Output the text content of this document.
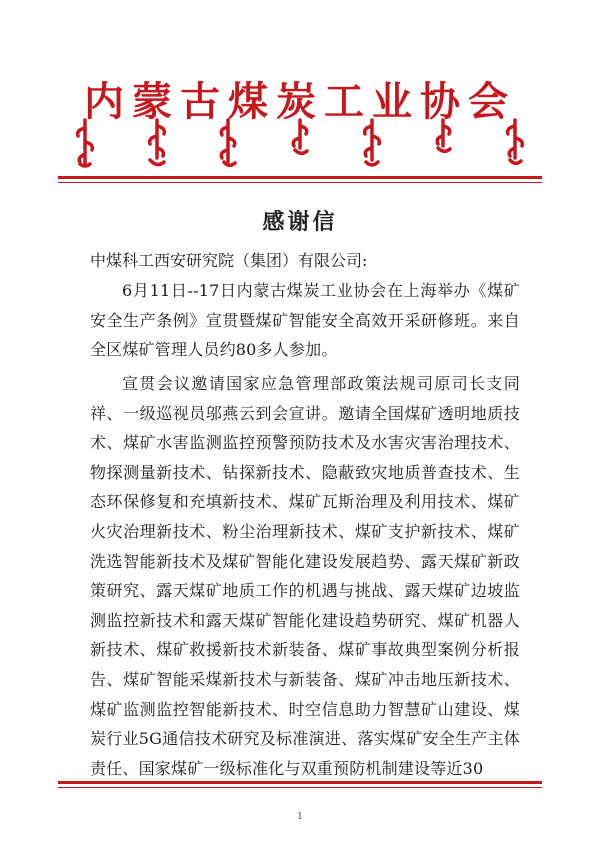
内蒙古煤炭工业协会
感谢信
中煤科工西安研究院（集团）有限公司:
6月11日--17日内蒙古煤炭工业协会在上海举办《煤矿安全生产条例》宣贯暨煤矿智能安全高效开采研修班。来自全区煤矿管理人员约80多人参加。
宣贯会议邀请国家应急管理部政策法规司原司长支同祥、一级巡视员邬燕云到会宣讲。邀请全国煤矿透明地质技术、煤矿水害监测监控预警预防技术及水害灾害治理技术、物探测量新技术、钻探新技术、隐蔽致灾地质普查技术、生态环保修复和充填新技术、煤矿瓦斯治理及利用技术、煤矿火灾治理新技术、粉尘治理新技术、煤矿支护新技术、煤矿洗选智能新技术及煤矿智能化建设发展趋势、露天煤矿新政策研究、露天煤矿地质工作的机遇与挑战、露天煤矿边坡监测监控新技术和露天煤矿智能化建设趋势研究、煤矿机器人新技术、煤矿救援新技术新装备、煤矿事故典型案例分析报告、煤矿智能采煤新技术与新装备、煤矿冲击地压新技术、煤矿监测监控智能新技术、时空信息助力智慧矿山建设、煤炭行业5G通信技术研究及标准演进、落实煤矿安全生产主体责任、国家煤矿一级标准化与双重预防机制建设等近30
1
